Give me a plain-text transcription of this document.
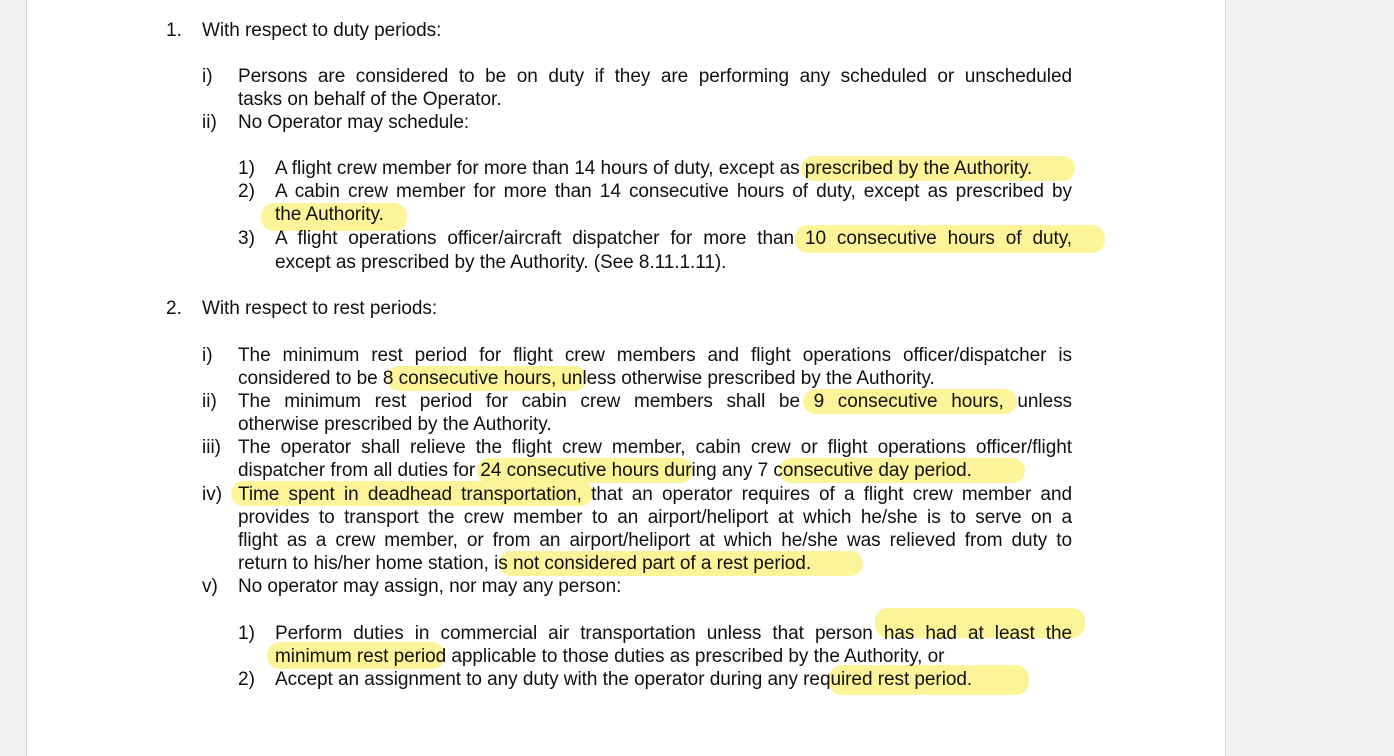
1. With respect to duty periods:
i) Persons are considered to be on duty if they are performing any scheduled or unscheduled
tasks on behalf of the Operator.
ii) No Operator may schedule:
1) A flight crew member for more than 14 hours of duty, except as prescribed by the Authority.
2) A cabin crew member for more than 14 consecutive hours of duty, except as prescribed by
the Authority.
3) A flight operations officer/aircraft dispatcher for more than 10 consecutive hours of duty,
except as prescribed by the Authority. (See 8.11.1.11).
2. With respect to rest periods:
i) The minimum rest period for flight crew members and flight operations officer/dispatcher is
considered to be 8 consecutive hours, unless otherwise prescribed by the Authority.
ii) The minimum rest period for cabin crew members shall be 9 consecutive hours, unless
otherwise prescribed by the Authority.
iii) The operator shall relieve the flight crew member, cabin crew or flight operations officer/flight
dispatcher from all duties for 24 consecutive hours during any 7 consecutive day period.
iv) Time spent in deadhead transportation, that an operator requires of a flight crew member and
provides to transport the crew member to an airport/heliport at which he/she is to serve on a
flight as a crew member, or from an airport/heliport at which he/she was relieved from duty to
return to his/her home station, is not considered part of a rest period.
v) No operator may assign, nor may any person:
1) Perform duties in commercial air transportation unless that person has had at least the
minimum rest period applicable to those duties as prescribed by the Authority, or
2) Accept an assignment to any duty with the operator during any required rest period.
